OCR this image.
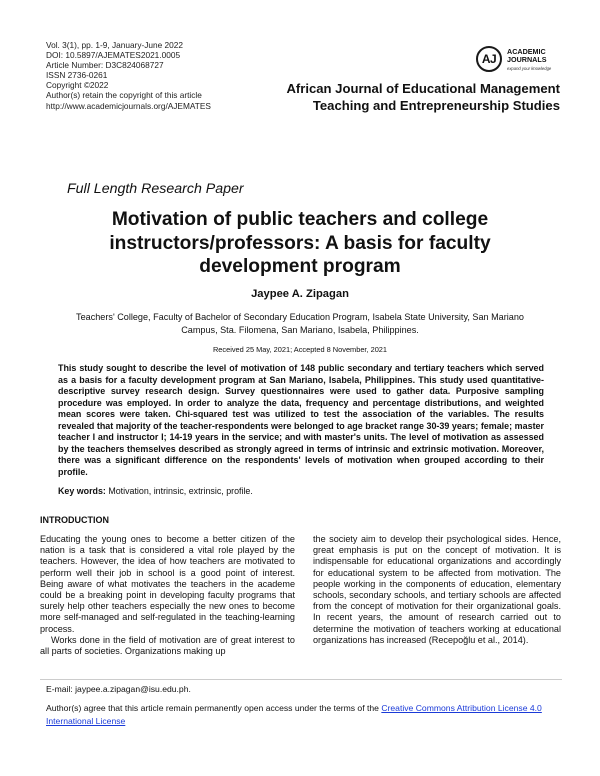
Vol. 3(1), pp. 1-9, January-June 2022
DOI: 10.5897/AJEMATES2021.0005
Article Number: D3C824068727
ISSN 2736-0261
Copyright ©2022
Author(s) retain the copyright of this article
http://www.academicjournals.org/AJEMATES
AJ
ACADEMIC
JOURNALS
expand your knowledge
African Journal of Educational Management
Teaching and Entrepreneurship Studies
Full Length Research Paper
Motivation of public teachers and college instructors/professors: A basis for faculty development program
Jaypee A. Zipagan
Teachers' College, Faculty of Bachelor of Secondary Education Program, Isabela State University, San Mariano
Campus, Sta. Filomena, San Mariano, Isabela, Philippines.
Received 25 May, 2021; Accepted 8 November, 2021
This study sought to describe the level of motivation of 148 public secondary and tertiary teachers which served as a basis for a faculty development program at San Mariano, Isabela, Philippines. This study used quantitative-descriptive survey research design. Survey questionnaires were used to gather data. Purposive sampling procedure was employed. In order to analyze the data, frequency and percentage distributions, and weighted mean scores were taken. Chi-squared test was utilized to test the association of the variables. The results revealed that majority of the teacher-respondents were belonged to age bracket range 30-39 years; female; master teacher I and instructor I; 14-19 years in the service; and with master's units. The level of motivation as assessed by the teachers themselves described as strongly agreed in terms of intrinsic and extrinsic motivation. Moreover, there was a significant difference on the respondents' levels of motivation when grouped according to their profile.
Key words: Motivation, intrinsic, extrinsic, profile.
INTRODUCTION

Educating the young ones to become a better citizen of the nation is a task that is considered a vital role played by the teachers. However, the idea of how teachers are motivated to perform well their job in school is a good point of interest. Being aware of what motivates the teachers in the academe could be a breaking point in developing faculty programs that surely help other teachers especially the new ones to become more self-managed and self-regulated in the teaching-learning process.

Works done in the field of motivation are of great interest to all parts of societies. Organizations making up

the society aim to develop their psychological sides. Hence, great emphasis is put on the concept of motivation. It is indispensable for educational organizations and accordingly for educational system to be affected from motivation. The people working in the components of education, elementary schools, secondary schools, and tertiary schools are affected from the concept of motivation for their organizational goals. In recent years, the amount of research carried out to determine the motivation of teachers working at educational organizations has increased (Recepoğlu et al., 2014).

E-mail: jaypee.a.zipagan@isu.edu.ph.
Author(s) agree that this article remain permanently open access under the terms of the Creative Commons Attribution License 4.0 International License
